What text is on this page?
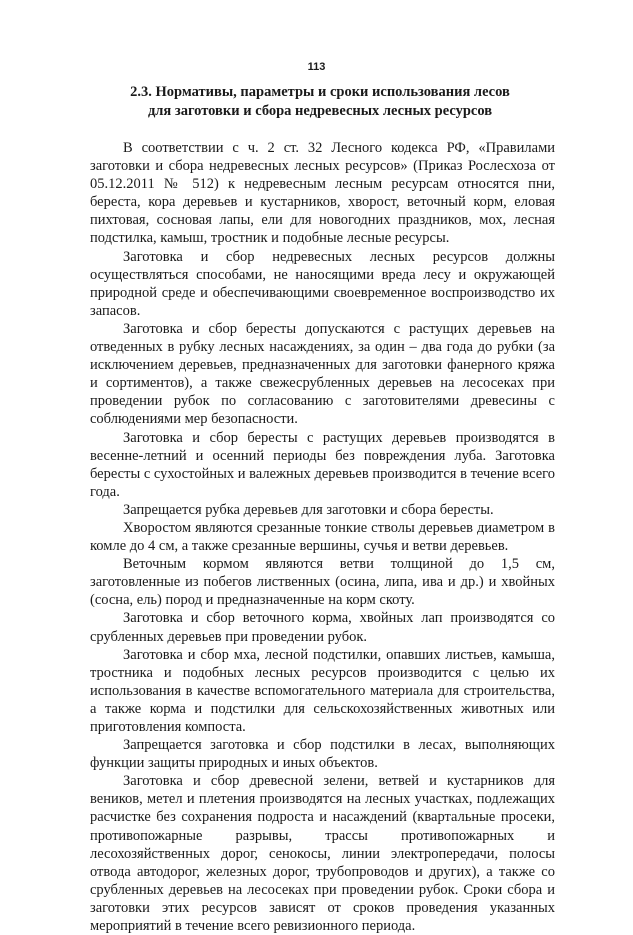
113
2.3. Нормативы, параметры и сроки использования лесов
для заготовки и сбора недревесных лесных ресурсов

В соответствии с ч. 2 ст. 32 Лесного кодекса РФ, «Правилами заготовки и сбора недревесных лесных ресурсов» (Приказ Рослесхоза от 05.12.2011 № 512) к недревесным лесным ресурсам относятся пни, береста, кора деревьев и кустарников, хворост, веточный корм, еловая пихтовая, сосновая лапы, ели для новогодних праздников, мох, лесная подстилка, камыш, тростник и подобные лесные ресурсы.

Заготовка и сбор недревесных лесных ресурсов должны осуществляться способами, не наносящими вреда лесу и окружающей природной среде и обеспечивающими своевременное воспроизводство их запасов.

Заготовка и сбор бересты допускаются с растущих деревьев на отведенных в рубку лесных насаждениях, за один – два года до рубки (за исключением деревьев, предназначенных для заготовки фанерного кряжа и сортиментов), а также свежесрубленных деревьев на лесосеках при проведении рубок по согласованию с заготовителями древесины с соблюдениями мер безопасности.

Заготовка и сбор бересты с растущих деревьев производятся в весенне-летний и осенний периоды без повреждения луба. Заготовка бересты с сухостойных и валежных деревьев производится в течение всего года.

Запрещается рубка деревьев для заготовки и сбора бересты.

Хворостом являются срезанные тонкие стволы деревьев диаметром в комле до 4 см, а также срезанные вершины, сучья и ветви деревьев.

Веточным кормом являются ветви толщиной до 1,5 см, заготовленные из побегов лиственных (осина, липа, ива и др.) и хвойных (сосна, ель) пород и предназначенные на корм скоту.

Заготовка и сбор веточного корма, хвойных лап производятся со срубленных деревьев при проведении рубок.

Заготовка и сбор мха, лесной подстилки, опавших листьев, камыша, тростника и подобных лесных ресурсов производится с целью их использования в качестве вспомогательного материала для строительства, а также корма и подстилки для сельскохозяйственных животных или приготовления компоста.

Запрещается заготовка и сбор подстилки в лесах, выполняющих функции защиты природных и иных объектов.

Заготовка и сбор древесной зелени, ветвей и кустарников для веников, метел и плетения производятся на лесных участках, подлежащих расчистке без сохранения подроста и насаждений (квартальные просеки, противопожарные разрывы, трассы противопожарных и лесохозяйственных дорог, сенокосы, линии электропередачи, полосы отвода автодорог, железных дорог, трубопроводов и других), а также со срубленных деревьев на лесосеках при проведении рубок. Сроки сбора и заготовки этих ресурсов зависят от сроков проведения указанных мероприятий в течение всего ревизионного периода.
